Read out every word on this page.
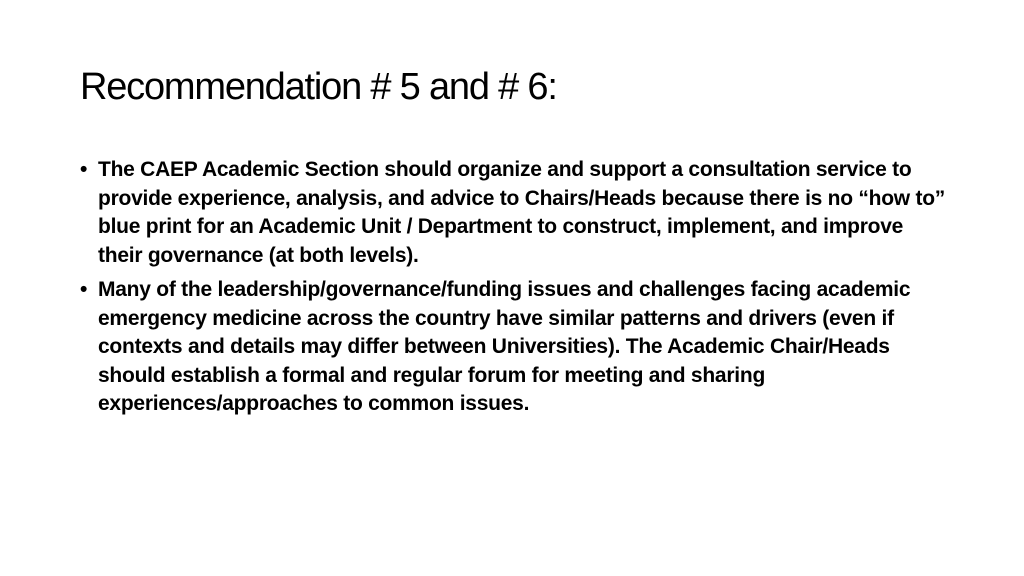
Recommendation # 5 and # 6:
• The CAEP Academic Section should organize and support a consultation service to provide experience, analysis, and advice to Chairs/Heads because there is no “how to” blue print for an Academic Unit / Department to construct, implement, and improve their governance (at both levels).
• Many of the leadership/governance/funding issues and challenges facing academic emergency medicine across the country have similar patterns and drivers (even if contexts and details may differ between Universities). The Academic Chair/Heads should establish a formal and regular forum for meeting and sharing experiences/approaches to common issues.
